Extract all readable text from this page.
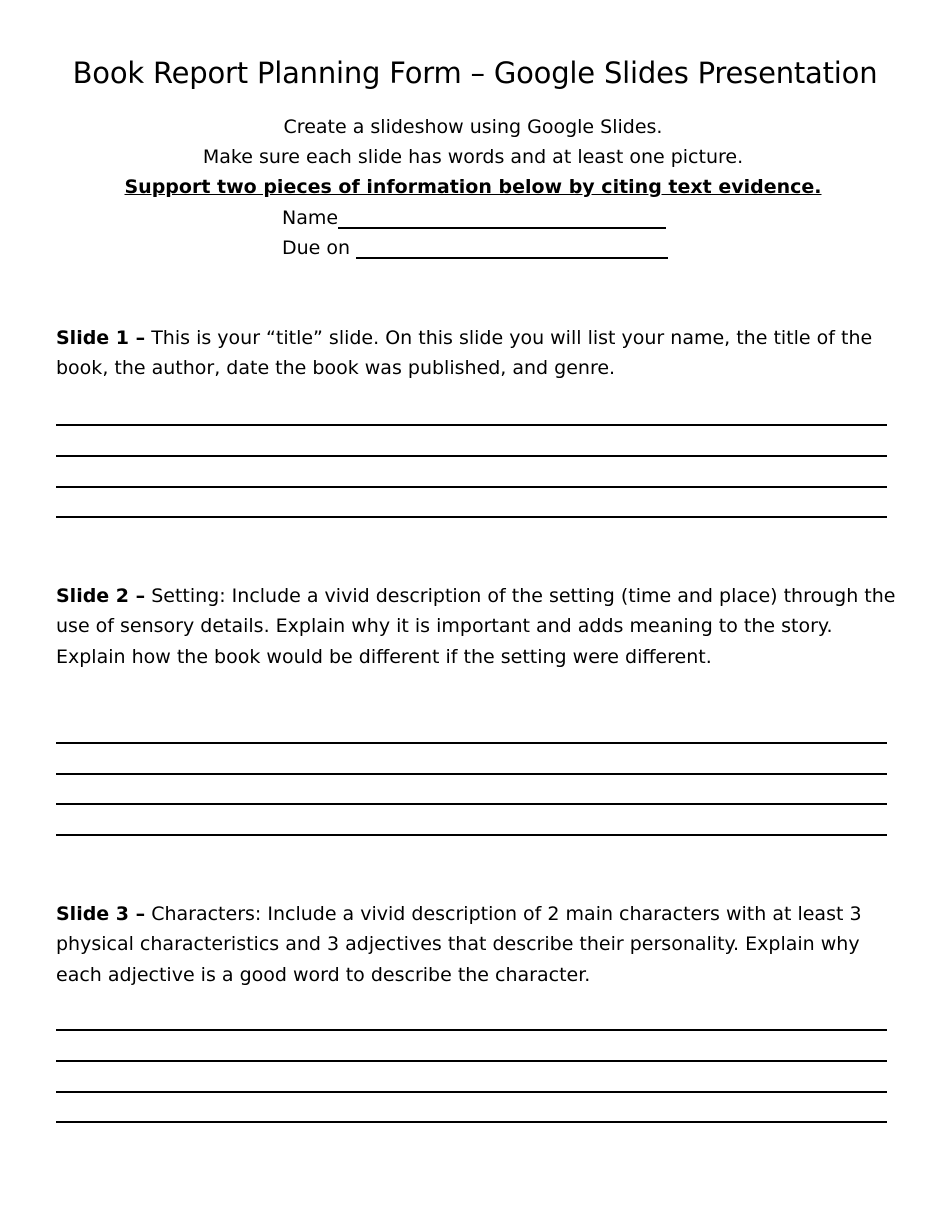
Book Report Planning Form – Google Slides Presentation
Create a slideshow using Google Slides.
Make sure each slide has words and at least one picture.
Support two pieces of information below by citing text evidence.
Name
Due on
Slide 1 – This is your “title” slide. On this slide you will list your name, the title of the book, the author, date the book was published, and genre.
Slide 2 – Setting: Include a vivid description of the setting (time and place) through the use of sensory details. Explain why it is important and adds meaning to the story. Explain how the book would be different if the setting were different.
Slide 3 – Characters: Include a vivid description of 2 main characters with at least 3 physical characteristics and 3 adjectives that describe their personality. Explain why each adjective is a good word to describe the character.
